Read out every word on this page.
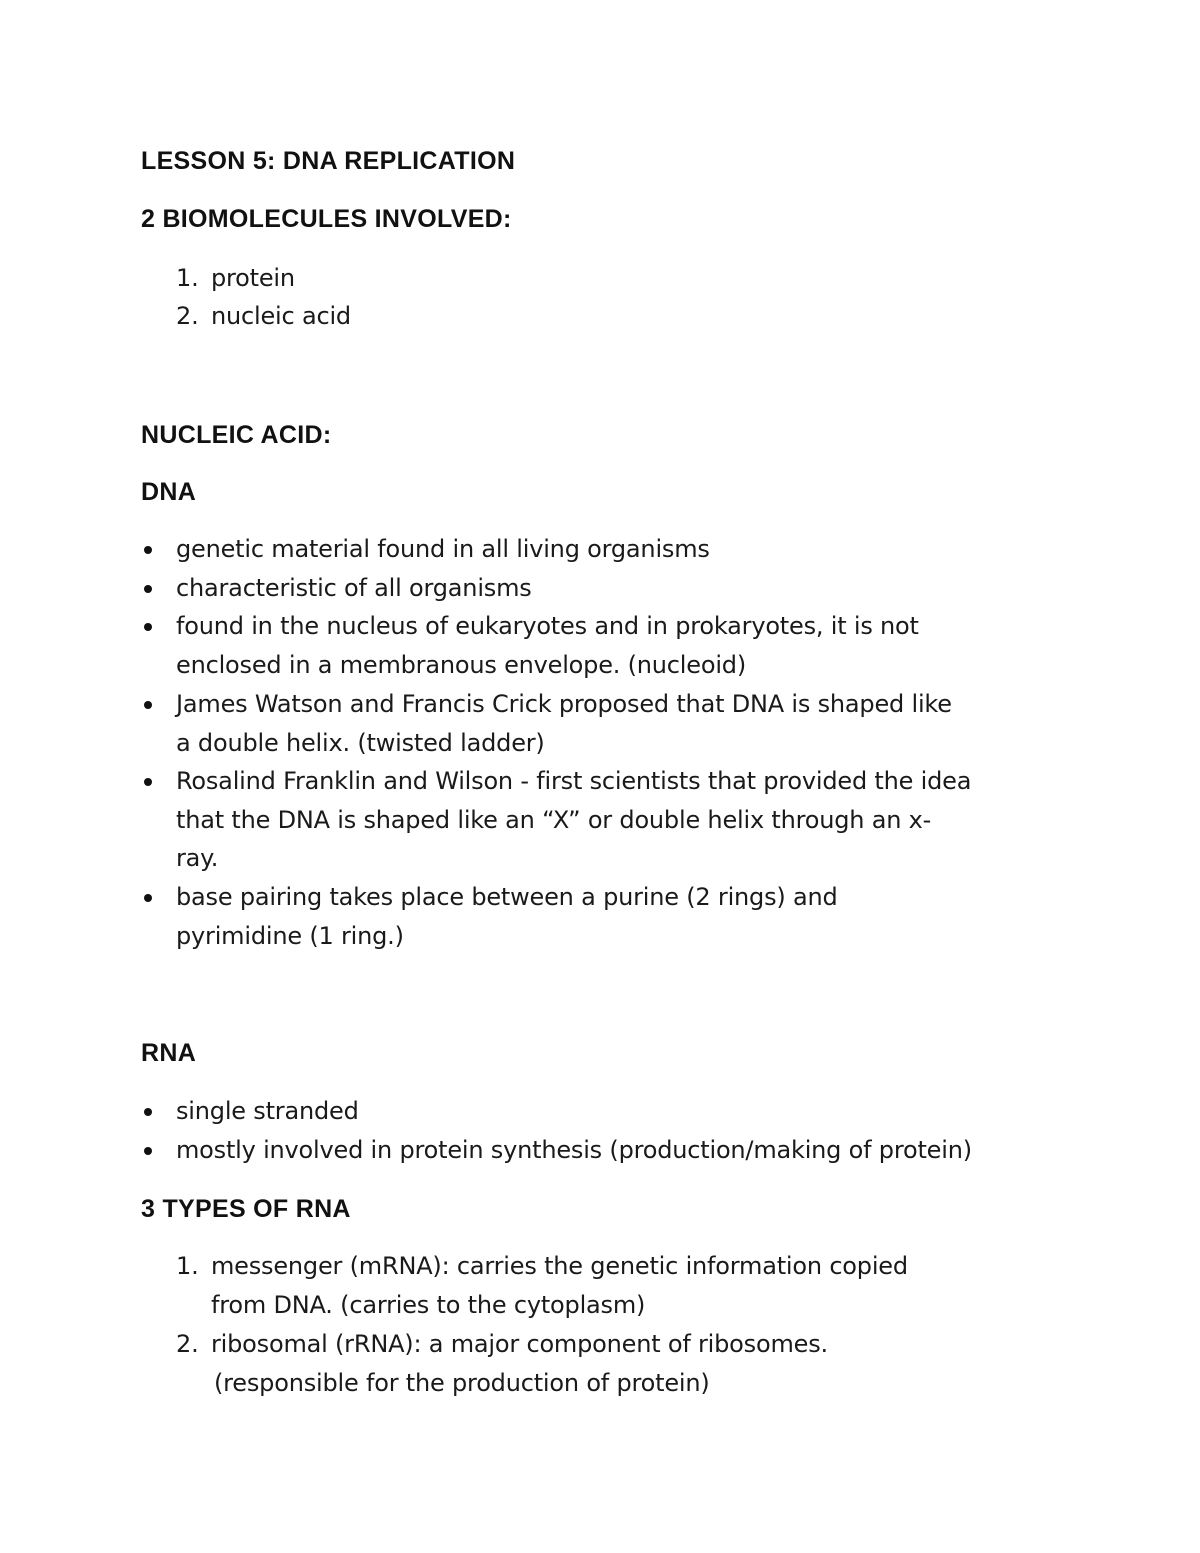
LESSON 5: DNA REPLICATION
2 BIOMOLECULES INVOLVED:
1. protein
2. nucleic acid
NUCLEIC ACID:
DNA
genetic material found in all living organisms
characteristic of all organisms
found in the nucleus of eukaryotes and in prokaryotes, it is not
enclosed in a membranous envelope. (nucleoid)
James Watson and Francis Crick proposed that DNA is shaped like
a double helix. (twisted ladder)
Rosalind Franklin and Wilson - first scientists that provided the idea
that the DNA is shaped like an “X” or double helix through an x-
ray.
base pairing takes place between a purine (2 rings) and
pyrimidine (1 ring.)
RNA
single stranded
mostly involved in protein synthesis (production/making of protein)
3 TYPES OF RNA
1. messenger (mRNA): carries the genetic information copied
from DNA. (carries to the cytoplasm)
2. ribosomal (rRNA): a major component of ribosomes.
(responsible for the production of protein)
